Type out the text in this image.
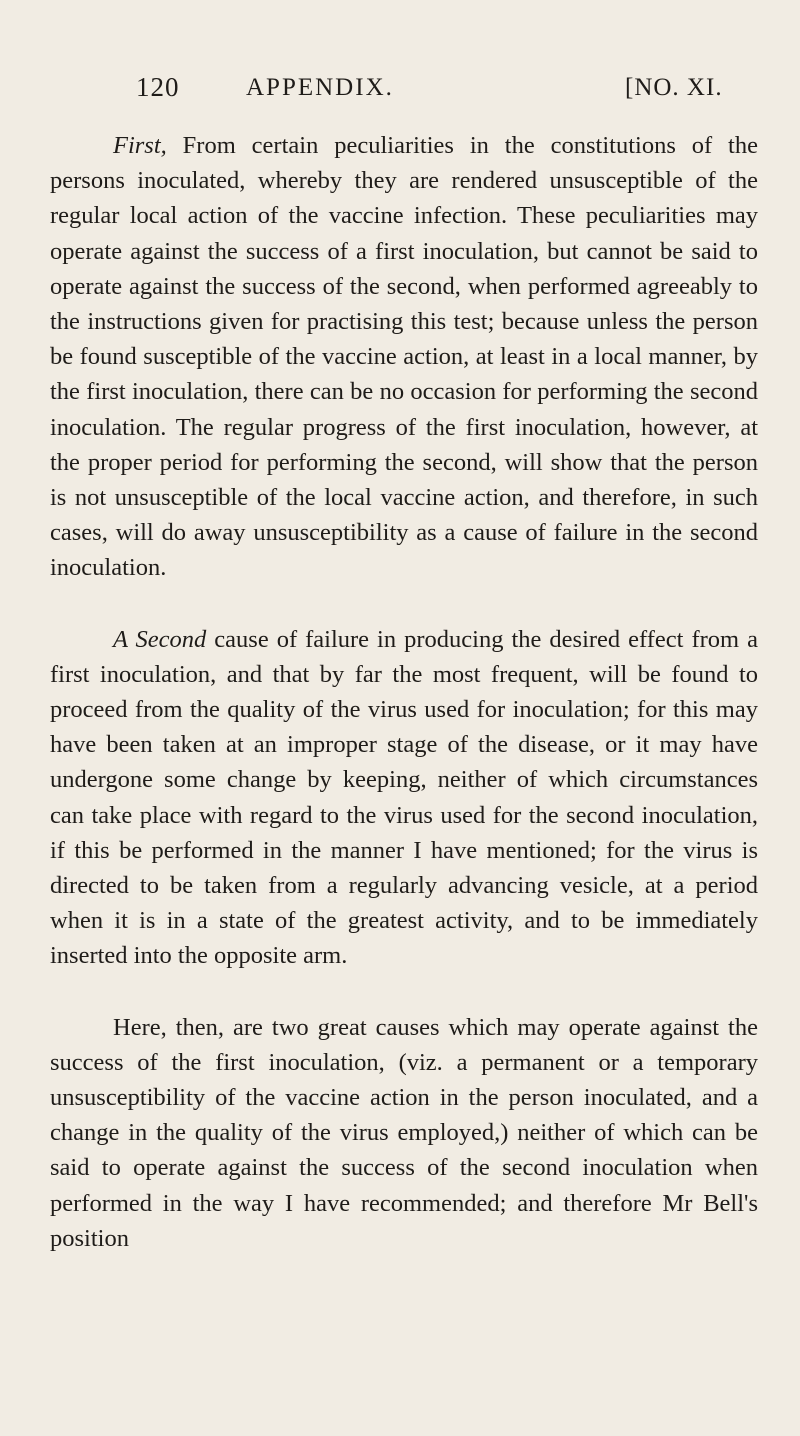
120	APPENDIX.	[NO. XI.

First, From certain peculiarities in the constitutions of the persons inoculated, whereby they are rendered unsusceptible of the regular local action of the vaccine infection. These peculiarities may operate against the success of a first inoculation, but cannot be said to operate against the success of the second, when performed agreeably to the instructions given for practising this test; because unless the person be found susceptible of the vaccine action, at least in a local manner, by the first inoculation, there can be no occasion for performing the second inoculation. The regular progress of the first inoculation, however, at the proper period for performing the second, will show that the person is not unsusceptible of the local vaccine action, and therefore, in such cases, will do away unsusceptibility as a cause of failure in the second inoculation.

A Second cause of failure in producing the desired effect from a first inoculation, and that by far the most frequent, will be found to proceed from the quality of the virus used for inoculation; for this may have been taken at an improper stage of the disease, or it may have undergone some change by keeping, neither of which circumstances can take place with regard to the virus used for the second inoculation, if this be performed in the manner I have mentioned; for the virus is directed to be taken from a regularly advancing vesicle, at a period when it is in a state of the greatest activity, and to be immediately inserted into the opposite arm.

Here, then, are two great causes which may operate against the success of the first inoculation, (viz. a permanent or a temporary unsusceptibility of the vaccine action in the person inoculated, and a change in the quality of the virus employed,) neither of which can be said to operate against the success of the second inoculation when performed in the way I have recommended; and therefore Mr Bell's position
